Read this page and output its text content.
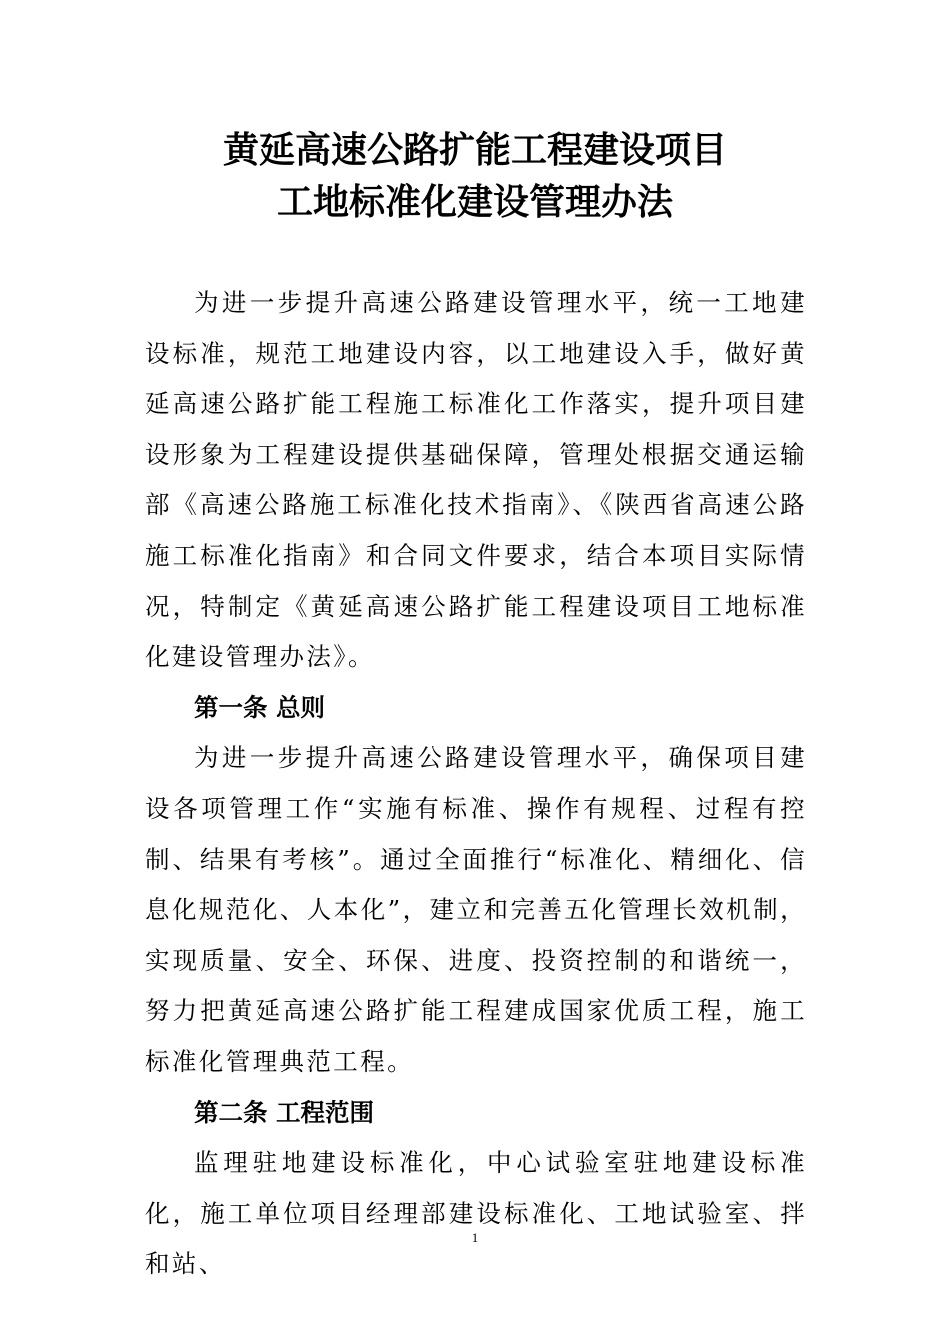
黄延高速公路扩能工程建设项目
工地标准化建设管理办法

为进一步提升高速公路建设管理水平，统一工地建设标准，规范工地建设内容，以工地建设入手，做好黄延高速公路扩能工程施工标准化工作落实，提升项目建设形象为工程建设提供基础保障，管理处根据交通运输部《高速公路施工标准化技术指南》、《陕西省高速公路施工标准化指南》和合同文件要求，结合本项目实际情况，特制定《黄延高速公路扩能工程建设项目工地标准化建设管理办法》。

第一条 总则

为进一步提升高速公路建设管理水平，确保项目建设各项管理工作“实施有标准、操作有规程、过程有控制、结果有考核”。通过全面推行“标准化、精细化、信息化规范化、人本化”，建立和完善五化管理长效机制，实现质量、安全、环保、进度、投资控制的和谐统一，努力把黄延高速公路扩能工程建成国家优质工程，施工标准化管理典范工程。

第二条 工程范围

监理驻地建设标准化，中心试验室驻地建设标准化，施工单位项目经理部建设标准化、工地试验室、拌和站、

1
